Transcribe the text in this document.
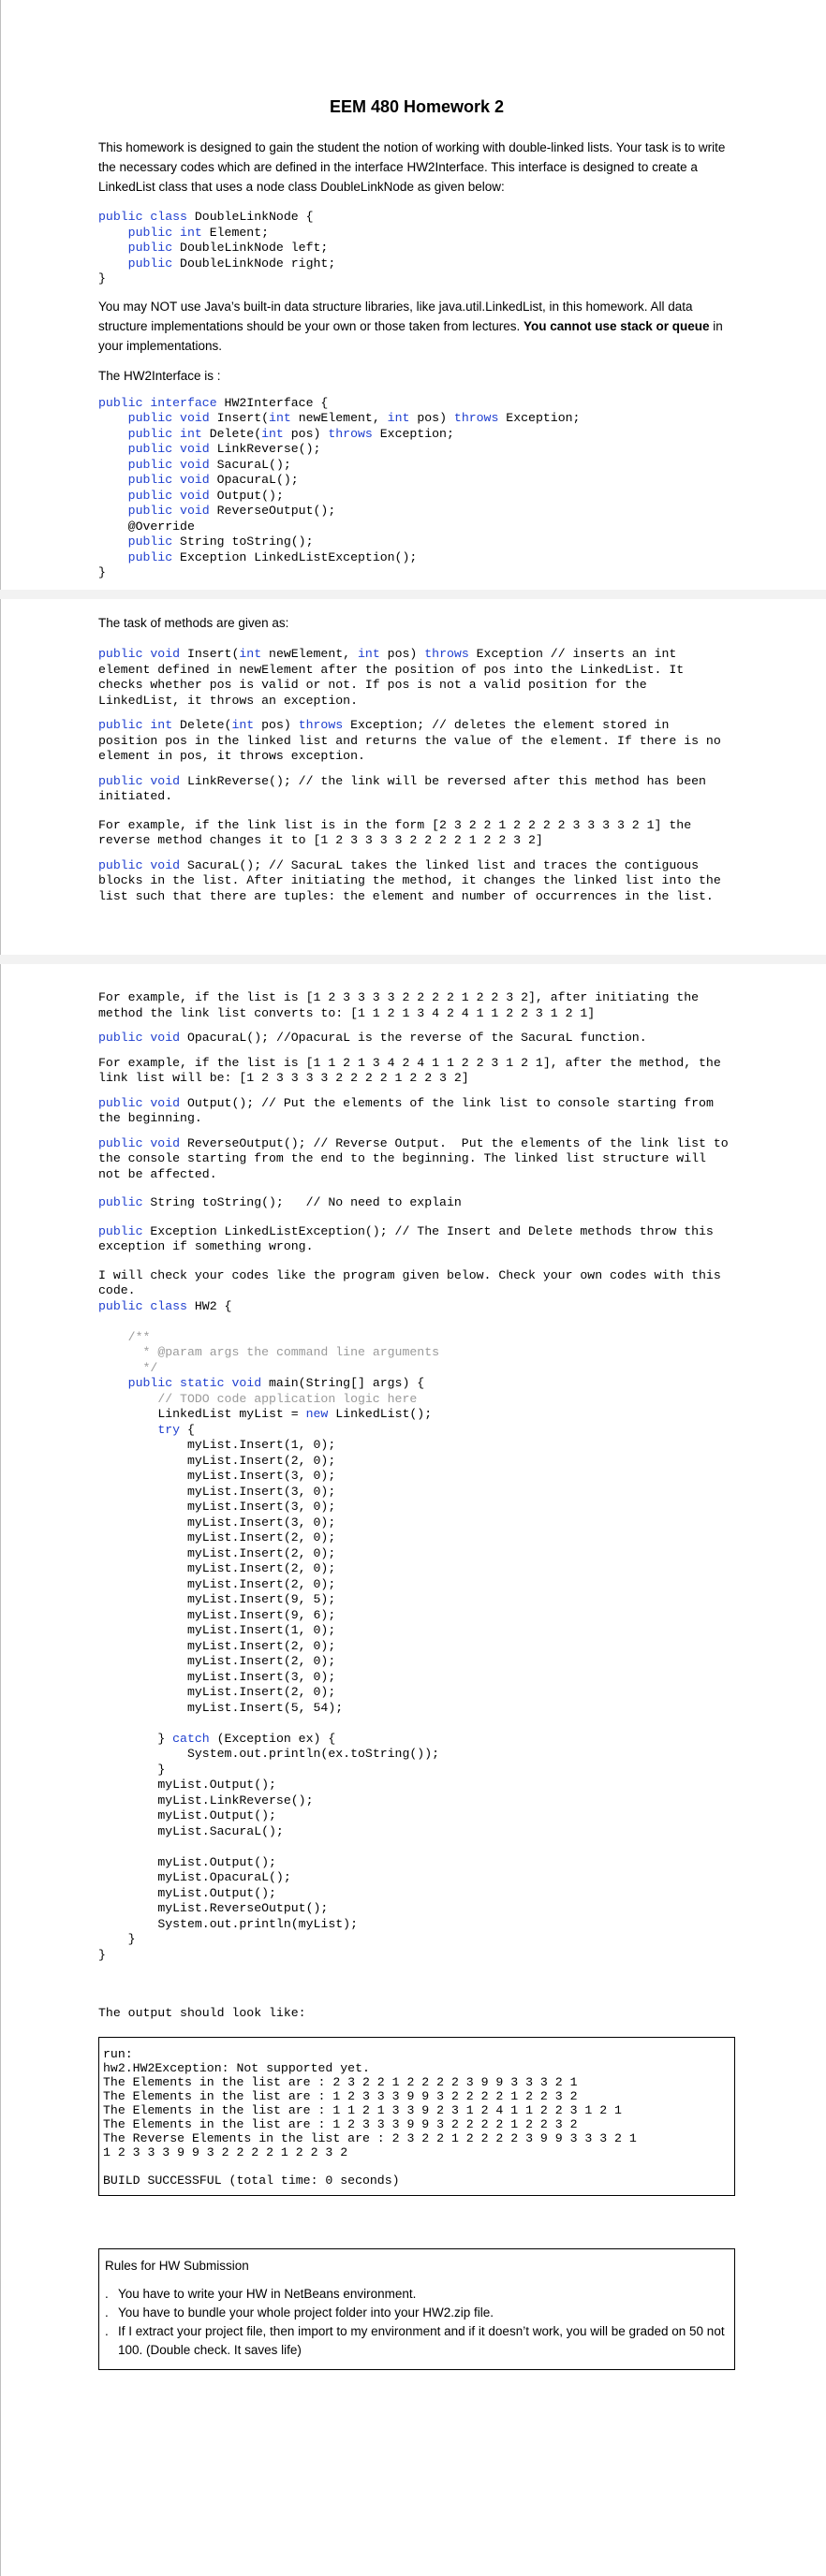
EEM 480 Homework 2

This homework is designed to gain the student the notion of working with double-linked lists. Your task is to write the necessary codes which are defined in the interface HW2Interface. This interface is designed to create a LinkedList class that uses a node class DoubleLinkNode as given below:

public class DoubleLinkNode {
public int Element;
public DoubleLinkNode left;
public DoubleLinkNode right;
}

You may NOT use Java’s built-in data structure libraries, like java.util.LinkedList, in this homework. All data structure implementations should be your own or those taken from lectures. You cannot use stack or queue in your implementations.

The HW2Interface is :

public interface HW2Interface {
public void Insert(int newElement, int pos) throws Exception;
public int Delete(int pos) throws Exception;
public void LinkReverse();
public void SacuraL();
public void OpacuraL();
public void Output();
public void ReverseOutput();
@Override
public String toString();
public Exception LinkedListException();
}

The task of methods are given as:

public void Insert(int newElement, int pos) throws Exception // inserts an int element defined in newElement after the position of pos into the LinkedList. It checks whether pos is valid or not. If pos is not a valid position for the LinkedList, it throws an exception.
public int Delete(int pos) throws Exception; // deletes the element stored in position pos in the linked list and returns the value of the element. If there is no element in pos, it throws exception.
public void LinkReverse(); // the link will be reversed after this method has been initiated.
For example, if the link list is in the form [2 3 2 2 1 2 2 2 2 3 3 3 3 2 1] the reverse method changes it to [1 2 3 3 3 3 2 2 2 2 1 2 2 3 2]
public void SacuraL(); // SacuraL takes the linked list and traces the contiguous blocks in the list. After initiating the method, it changes the linked list into the list such that there are tuples: the element and number of occurrences in the list.
For example, if the list is [1 2 3 3 3 3 2 2 2 2 1 2 2 3 2], after initiating the method the link list converts to: [1 1 2 1 3 4 2 4 1 1 2 2 3 1 2 1]
public void OpacuraL(); //OpacuraL is the reverse of the SacuraL function.
For example, if the list is [1 1 2 1 3 4 2 4 1 1 2 2 3 1 2 1], after the method, the link list will be: [1 2 3 3 3 3 2 2 2 2 1 2 2 3 2]
public void Output(); // Put the elements of the link list to console starting from the beginning.
public void ReverseOutput(); // Reverse Output.  Put the elements of the link list to the console starting from the end to the beginning. The linked list structure will not be affected.
public String toString();   // No need to explain
public Exception LinkedListException(); // The Insert and Delete methods throw this exception if something wrong.
I will check your codes like the program given below. Check your own codes with this code.
public class HW2 {

/**
* @param args the command line arguments
*/
public static void main(String[] args) {
// TODO code application logic here
LinkedList myList = new LinkedList();
try {
myList.Insert(1, 0);
myList.Insert(2, 0);
myList.Insert(3, 0);
myList.Insert(3, 0);
myList.Insert(3, 0);
myList.Insert(3, 0);
myList.Insert(2, 0);
myList.Insert(2, 0);
myList.Insert(2, 0);
myList.Insert(2, 0);
myList.Insert(9, 5);
myList.Insert(9, 6);
myList.Insert(1, 0);
myList.Insert(2, 0);
myList.Insert(2, 0);
myList.Insert(3, 0);
myList.Insert(2, 0);
myList.Insert(5, 54);

} catch (Exception ex) {
System.out.println(ex.toString());
}
myList.Output();
myList.LinkReverse();
myList.Output();
myList.SacuraL();

myList.Output();
myList.OpacuraL();
myList.Output();
myList.ReverseOutput();
System.out.println(myList);
}
}
The output should look like:
run:
hw2.HW2Exception: Not supported yet.
The Elements in the list are : 2 3 2 2 1 2 2 2 2 3 9 9 3 3 3 2 1
The Elements in the list are : 1 2 3 3 3 9 9 3 2 2 2 2 1 2 2 3 2
The Elements in the list are : 1 1 2 1 3 3 9 2 3 1 2 4 1 1 2 2 3 1 2 1
The Elements in the list are : 1 2 3 3 3 9 9 3 2 2 2 2 1 2 2 3 2
The Reverse Elements in the list are : 2 3 2 2 1 2 2 2 2 3 9 9 3 3 3 2 1
1 2 3 3 3 9 9 3 2 2 2 2 1 2 2 3 2

BUILD SUCCESSFUL (total time: 0 seconds)
Rules for HW Submission
. You have to write your HW in NetBeans environment.
. You have to bundle your whole project folder into your HW2.zip file.
. If I extract your project file, then import to my environment and if it doesn’t work, you will be graded on 50 not 100. (Double check. It saves life)
